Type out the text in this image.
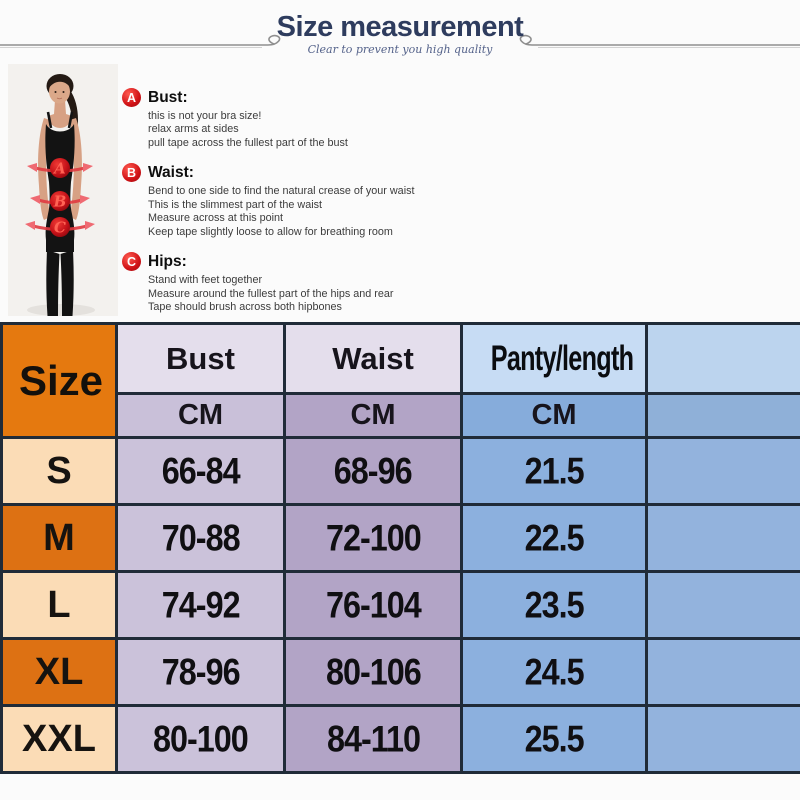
Size measurement
Clear to prevent you high quality
A
B
C
A Bust:
this is not your bra size!
relax arms at sides
pull tape across the fullest part of the bust
B Waist:
Bend to one side to find the natural crease of your waist
This is the slimmest part of the waist
Measure across at this point
Keep tape slightly loose to allow for breathing room
C Hips:
Stand with feet together
Measure around the fullest part of the hips and rear
Tape should brush across both hipbones
Size	Bust	Waist	Panty/length	
	CM	CM	CM	
S	66-84	68-96	21.5	
M	70-88	72-100	22.5	
L	74-92	76-104	23.5	
XL	78-96	80-106	24.5	
XXL	80-100	84-110	25.5	
